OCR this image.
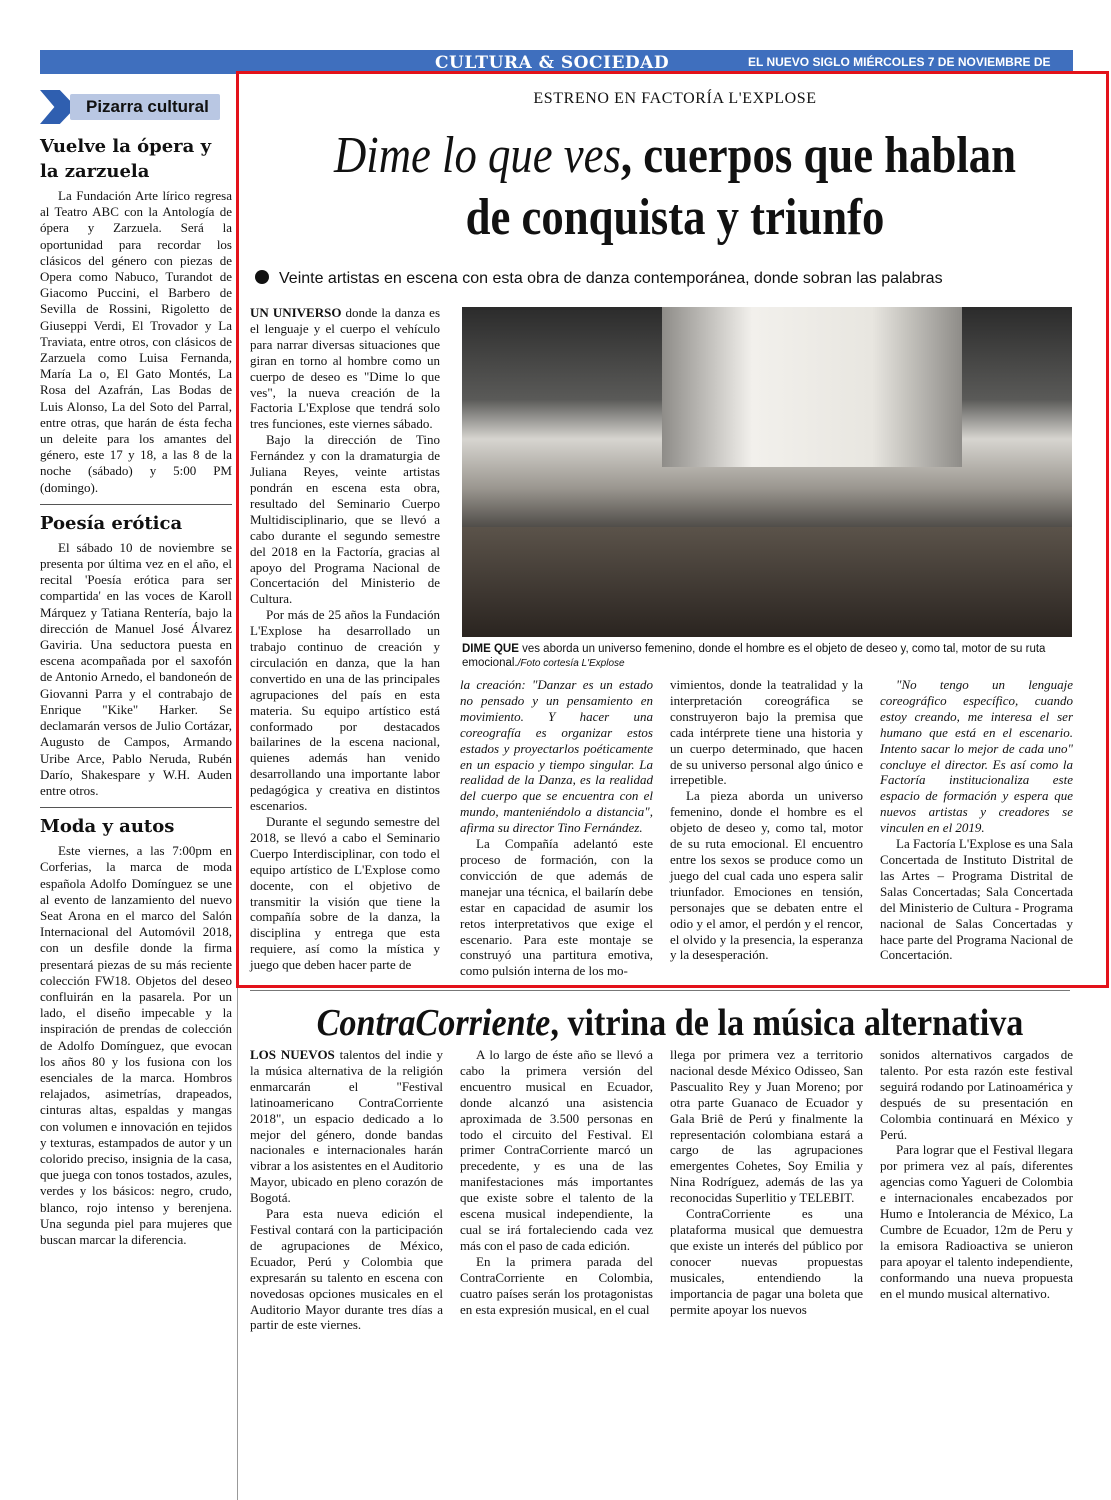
CULTURA & SOCIEDAD	EL NUEVO SIGLO MIÉRCOLES 7 DE NOVIEMBRE DE 2018
1B
Pizarra cultural
Vuelve la ópera y la zarzuela

La Fundación Arte lírico regresa al Teatro ABC con la Antología de ópera y Zarzuela. Será la oportunidad para recordar los clásicos del género con piezas de Opera como Nabuco, Turandot de Giacomo Puccini, el Barbero de Sevilla de Rossini, Rigoletto de Giuseppi Verdi, El Trovador y La Traviata, entre otros, con clásicos de Zarzuela como Luisa Fernanda, María La o, El Gato Montés, La Rosa del Azafrán, Las Bodas de Luis Alonso, La del Soto del Parral, entre otras, que harán de ésta fecha un deleite para los amantes del género, este 17 y 18, a las 8 de la noche (sábado) y 5:00 PM (domingo).

Poesía erótica

El sábado 10 de noviembre se presenta por última vez en el año, el recital 'Poesía erótica para ser compartida' en las voces de Karoll Márquez y Tatiana Rentería, bajo la dirección de Manuel José Álvarez Gaviria. Una seductora puesta en escena acompañada por el saxofón de Antonio Arnedo, el bandoneón de Giovanni Parra y el contrabajo de Enrique "Kike" Harker. Se declamarán versos de Julio Cortázar, Augusto de Campos, Armando Uribe Arce, Pablo Neruda, Rubén Darío, Shakespare y W.H. Auden entre otros.

Moda y autos

Este viernes, a las 7:00pm en Corferias, la marca de moda española Adolfo Domínguez se une al evento de lanzamiento del nuevo Seat Arona en el marco del Salón Internacional del Automóvil 2018, con un desfile donde la firma presentará piezas de su más reciente colección FW18. Objetos del deseo confluirán en la pasarela. Por un lado, el diseño impecable y la inspiración de prendas de colección de Adolfo Domínguez, que evocan los años 80 y los fusiona con los esenciales de la marca. Hombros relajados, asimetrías, drapeados, cinturas altas, espaldas y mangas con volumen e innovación en tejidos y texturas, estampados de autor y un colorido preciso, insignia de la casa, que juega con tonos tostados, azules, verdes y los básicos: negro, crudo, blanco, rojo intenso y berenjena. Una segunda piel para mujeres que buscan marcar la diferencia.

ESTRENO EN FACTORÍA L'EXPLOSE
Dime lo que ves, cuerpos que hablan de conquista y triunfo
Veinte artistas en escena con esta obra de danza contemporánea, donde sobran las palabras

UN UNIVERSO donde la danza es el lenguaje y el cuerpo el vehículo para narrar diversas situaciones que giran en torno al hombre como un cuerpo de deseo es "Dime lo que ves", la nueva creación de la Factoria L'Explose que tendrá solo tres funciones, este viernes sábado.

Bajo la dirección de Tino Fernández y con la dramaturgia de Juliana Reyes, veinte artistas pondrán en escena esta obra, resultado del Seminario Cuerpo Multidisciplinario, que se llevó a cabo durante el segundo semestre del 2018 en la Factoría, gracias al apoyo del Programa Nacional de Concertación del Ministerio de Cultura.

Por más de 25 años la Fundación L'Explose ha desarrollado un trabajo continuo de creación y circulación en danza, que la han convertido en una de las principales agrupaciones del país en esta materia. Su equipo artístico está conformado por destacados bailarines de la escena nacional, quienes además han venido desarrollando una importante labor pedagógica y creativa en distintos escenarios.

Durante el segundo semestre del 2018, se llevó a cabo el Seminario Cuerpo Interdisciplinar, con todo el equipo artístico de L'Explose como docente, con el objetivo de transmitir la visión que tiene la compañía sobre de la danza, la disciplina y entrega que esta requiere, así como la mística y juego que deben hacer parte de

DIME QUE ves aborda un universo femenino, donde el hombre es el objeto de deseo y, como tal, motor de su ruta emocional./Foto cortesía L'Explose

la creación: "Danzar es un estado no pensado y un pensamiento en movimiento. Y hacer una coreografía es organizar estos estados y proyectarlos poéticamente en un espacio y tiempo singular. La realidad de la Danza, es la realidad del cuerpo que se encuentra con el mundo, manteniéndolo a distancia", afirma su director Tino Fernández.

La Compañía adelantó este proceso de formación, con la convicción de que además de manejar una técnica, el bailarín debe estar en capacidad de asumir los retos interpretativos que exige el escenario. Para este montaje se construyó una partitura emotiva, como pulsión interna de los mo-

vimientos, donde la teatralidad y la interpretación coreográfica se construyeron bajo la premisa que cada intérprete tiene una historia y un cuerpo determinado, que hacen de su universo personal algo único e irrepetible.

La pieza aborda un universo femenino, donde el hombre es el objeto de deseo y, como tal, motor de su ruta emocional. El encuentro entre los sexos se produce como un juego del cual cada uno espera salir triunfador. Emociones en tensión, personajes que se debaten entre el odio y el amor, el perdón y el rencor, el olvido y la presencia, la esperanza y la desesperación.

"No tengo un lenguaje coreográfico específico, cuando estoy creando, me interesa el ser humano que está en el escenario. Intento sacar lo mejor de cada uno" concluye el director. Es así como la Factoría institucionaliza este espacio de formación y espera que nuevos artistas y creadores se vinculen en el 2019.

La Factoría L'Explose es una Sala Concertada de Instituto Distrital de las Artes – Programa Distrital de Salas Concertadas; Sala Concertada del Ministerio de Cultura - Programa nacional de Salas Concertadas y hace parte del Programa Nacional de Concertación.

ContraCorriente, vitrina de la música alternativa

LOS NUEVOS talentos del indie y la música alternativa de la religión enmarcarán el "Festival latinoamericano ContraCorriente 2018", un espacio dedicado a lo mejor del género, donde bandas nacionales e internacionales harán vibrar a los asistentes en el Auditorio Mayor, ubicado en pleno corazón de Bogotá.

Para esta nueva edición el Festival contará con la participación de agrupaciones de México, Ecuador, Perú y Colombia que expresarán su talento en escena con novedosas opciones musicales en el Auditorio Mayor durante tres días a partir de este viernes.

A lo largo de éste año se llevó a cabo la primera versión del encuentro musical en Ecuador, donde alcanzó una asistencia aproximada de 3.500 personas en todo el circuito del Festival. El primer ContraCorriente marcó un precedente, y es una de las manifestaciones más importantes que existe sobre el talento de la escena musical independiente, la cual se irá fortaleciendo cada vez más con el paso de cada edición.

En la primera parada del ContraCorriente en Colombia, cuatro países serán los protagonistas en esta expresión musical, en el cual

llega por primera vez a territorio nacional desde México Odisseo, San Pascualito Rey y Juan Moreno; por otra parte Guanaco de Ecuador y Gala Briê de Perú y finalmente la representación colombiana estará a cargo de las agrupaciones emergentes Cohetes, Soy Emilia y Nina Rodríguez, además de las ya reconocidas Superlitio y TELEBIT.

ContraCorriente es una plataforma musical que demuestra que existe un interés del público por conocer nuevas propuestas musicales, entendiendo la importancia de pagar una boleta que permite apoyar los nuevos

sonidos alternativos cargados de talento. Por esta razón este festival seguirá rodando por Latinoamérica y después de su presentación en Colombia continuará en México y Perú.

Para lograr que el Festival llegara por primera vez al país, diferentes agencias como Yagueri de Colombia e internacionales encabezados por Humo e Intolerancia de México, La Cumbre de Ecuador, 12m de Peru y la emisora Radioactiva se unieron para apoyar el talento independiente, conformando una nueva propuesta en el mundo musical alternativo.
